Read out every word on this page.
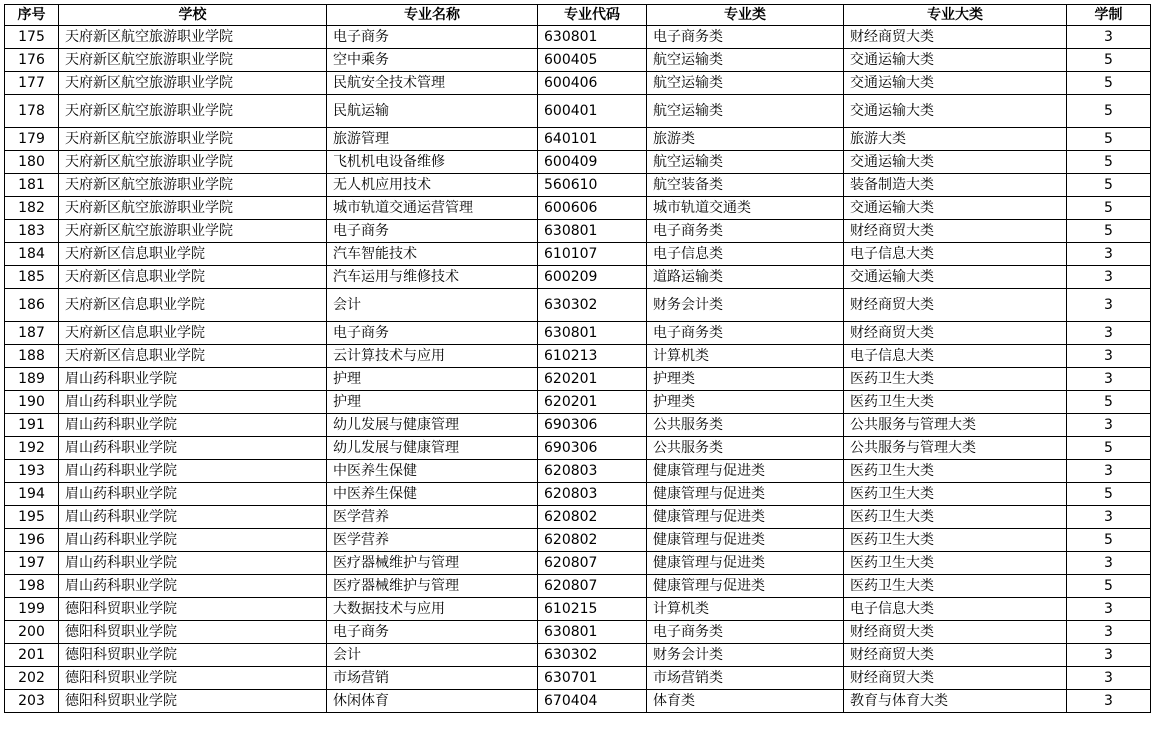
序号	学校	专业名称	专业代码	专业类	专业大类	学制
175	天府新区航空旅游职业学院	电子商务	630801	电子商务类	财经商贸大类	3
176	天府新区航空旅游职业学院	空中乘务	600405	航空运输类	交通运输大类	5
177	天府新区航空旅游职业学院	民航安全技术管理	600406	航空运输类	交通运输大类	5
178	天府新区航空旅游职业学院	民航运输	600401	航空运输类	交通运输大类	5
179	天府新区航空旅游职业学院	旅游管理	640101	旅游类	旅游大类	5
180	天府新区航空旅游职业学院	飞机机电设备维修	600409	航空运输类	交通运输大类	5
181	天府新区航空旅游职业学院	无人机应用技术	560610	航空装备类	装备制造大类	5
182	天府新区航空旅游职业学院	城市轨道交通运营管理	600606	城市轨道交通类	交通运输大类	5
183	天府新区航空旅游职业学院	电子商务	630801	电子商务类	财经商贸大类	5
184	天府新区信息职业学院	汽车智能技术	610107	电子信息类	电子信息大类	3
185	天府新区信息职业学院	汽车运用与维修技术	600209	道路运输类	交通运输大类	3
186	天府新区信息职业学院	会计	630302	财务会计类	财经商贸大类	3
187	天府新区信息职业学院	电子商务	630801	电子商务类	财经商贸大类	3
188	天府新区信息职业学院	云计算技术与应用	610213	计算机类	电子信息大类	3
189	眉山药科职业学院	护理	620201	护理类	医药卫生大类	3
190	眉山药科职业学院	护理	620201	护理类	医药卫生大类	5
191	眉山药科职业学院	幼儿发展与健康管理	690306	公共服务类	公共服务与管理大类	3
192	眉山药科职业学院	幼儿发展与健康管理	690306	公共服务类	公共服务与管理大类	5
193	眉山药科职业学院	中医养生保健	620803	健康管理与促进类	医药卫生大类	3
194	眉山药科职业学院	中医养生保健	620803	健康管理与促进类	医药卫生大类	5
195	眉山药科职业学院	医学营养	620802	健康管理与促进类	医药卫生大类	3
196	眉山药科职业学院	医学营养	620802	健康管理与促进类	医药卫生大类	5
197	眉山药科职业学院	医疗器械维护与管理	620807	健康管理与促进类	医药卫生大类	3
198	眉山药科职业学院	医疗器械维护与管理	620807	健康管理与促进类	医药卫生大类	5
199	德阳科贸职业学院	大数据技术与应用	610215	计算机类	电子信息大类	3
200	德阳科贸职业学院	电子商务	630801	电子商务类	财经商贸大类	3
201	德阳科贸职业学院	会计	630302	财务会计类	财经商贸大类	3
202	德阳科贸职业学院	市场营销	630701	市场营销类	财经商贸大类	3
203	德阳科贸职业学院	休闲体育	670404	体育类	教育与体育大类	3
